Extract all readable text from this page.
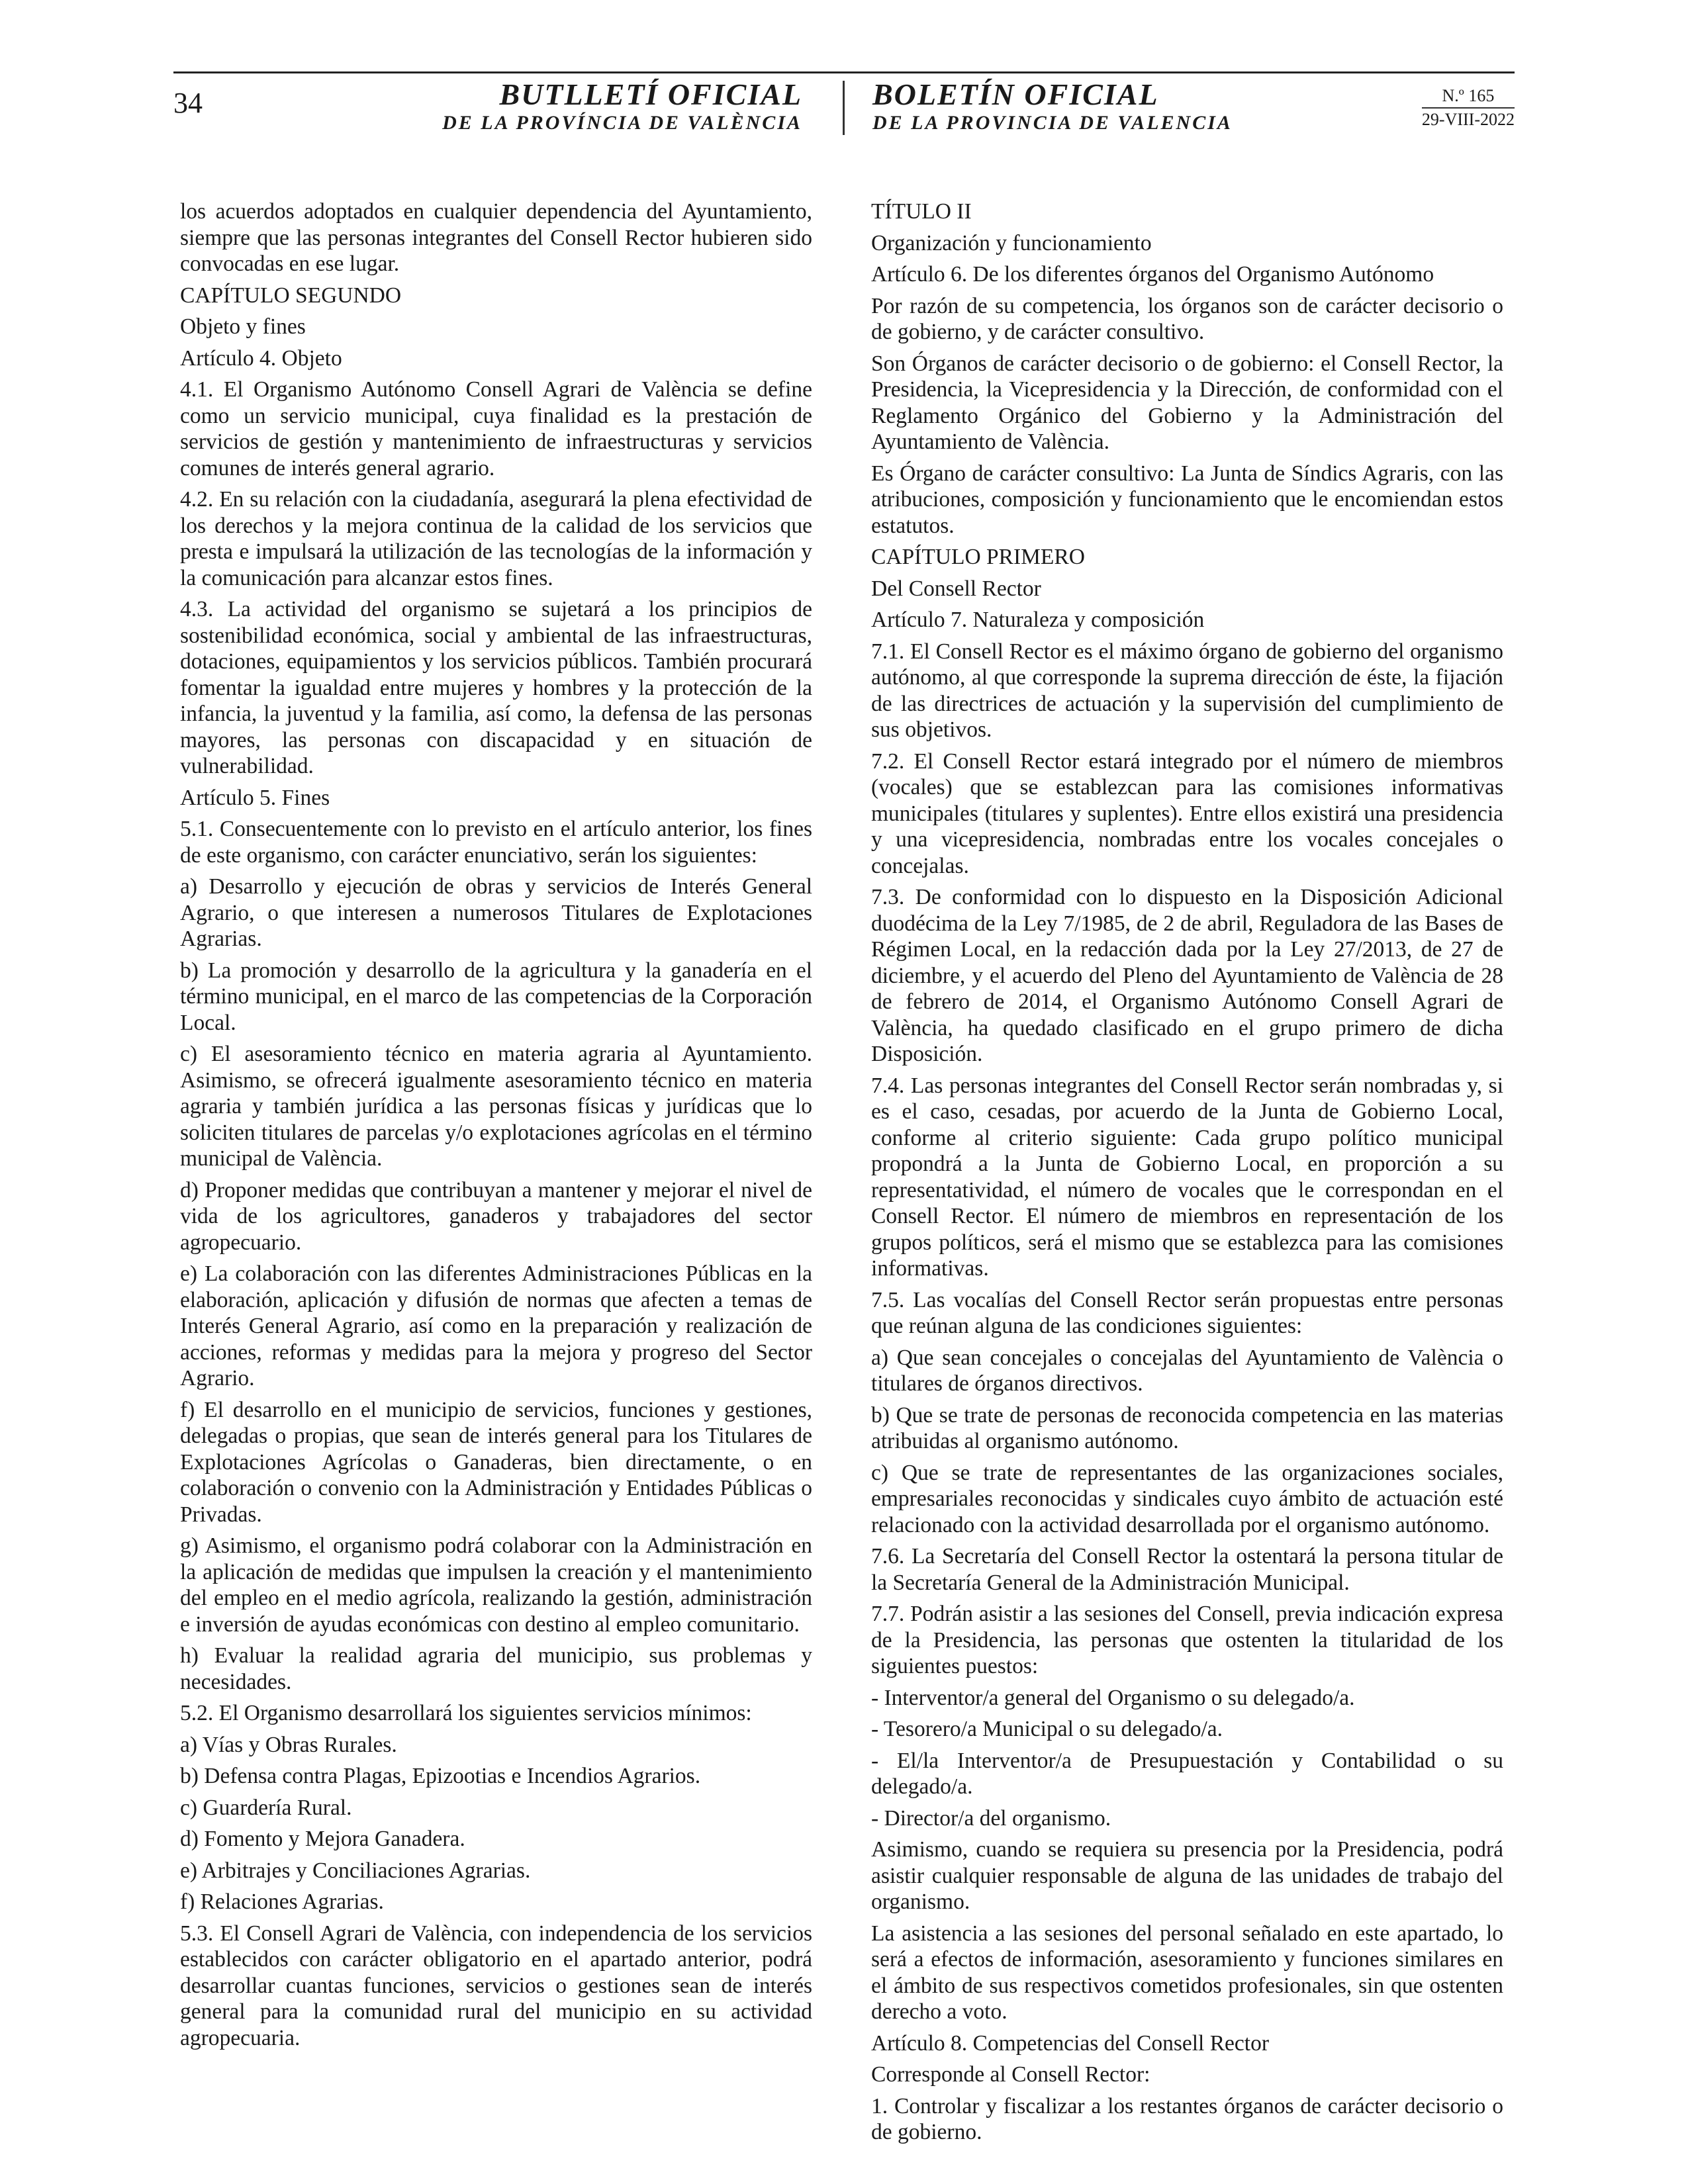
34	BUTLLETÍ OFICIAL
DE LA PROVÍNCIA DE VALÈNCIA
BOLETÍN OFICIAL
DE LA PROVINCIA DE VALENCIA
N.º 165
29-VIII-2022

los acuerdos adoptados en cualquier dependencia del Ayuntamiento, siempre que las personas integrantes del Consell Rector hubieren sido convocadas en ese lugar.

CAPÍTULO SEGUNDO

Objeto y fines

Artículo 4. Objeto

4.1. El Organismo Autónomo Consell Agrari de València se define como un servicio municipal, cuya finalidad es la prestación de servicios de gestión y mantenimiento de infraestructuras y servicios comunes de interés general agrario.

4.2. En su relación con la ciudadanía, asegurará la plena efectividad de los derechos y la mejora continua de la calidad de los servicios que presta e impulsará la utilización de las tecnologías de la información y la comunicación para alcanzar estos fines.

4.3. La actividad del organismo se sujetará a los principios de sostenibilidad económica, social y ambiental de las infraestructuras, dotaciones, equipamientos y los servicios públicos. También procurará fomentar la igualdad entre mujeres y hombres y la protección de la infancia, la juventud y la familia, así como, la defensa de las personas mayores, las personas con discapacidad y en situación de vulnerabilidad.

Artículo 5. Fines

5.1. Consecuentemente con lo previsto en el artículo anterior, los fines de este organismo, con carácter enunciativo, serán los siguientes:

a) Desarrollo y ejecución de obras y servicios de Interés General Agrario, o que interesen a numerosos Titulares de Explotaciones Agrarias.

b) La promoción y desarrollo de la agricultura y la ganadería en el término municipal, en el marco de las competencias de la Corporación Local.

c) El asesoramiento técnico en materia agraria al Ayuntamiento. Asimismo, se ofrecerá igualmente asesoramiento técnico en materia agraria y también jurídica a las personas físicas y jurídicas que lo soliciten titulares de parcelas y/o explotaciones agrícolas en el término municipal de València.

d) Proponer medidas que contribuyan a mantener y mejorar el nivel de vida de los agricultores, ganaderos y trabajadores del sector agropecuario.

e) La colaboración con las diferentes Administraciones Públicas en la elaboración, aplicación y difusión de normas que afecten a temas de Interés General Agrario, así como en la preparación y realización de acciones, reformas y medidas para la mejora y progreso del Sector Agrario.

f) El desarrollo en el municipio de servicios, funciones y gestiones, delegadas o propias, que sean de interés general para los Titulares de Explotaciones Agrícolas o Ganaderas, bien directamente, o en colaboración o convenio con la Administración y Entidades Públicas o Privadas.

g) Asimismo, el organismo podrá colaborar con la Administración en la aplicación de medidas que impulsen la creación y el mantenimiento del empleo en el medio agrícola, realizando la gestión, administración e inversión de ayudas económicas con destino al empleo comunitario.

h) Evaluar la realidad agraria del municipio, sus problemas y necesidades.

5.2. El Organismo desarrollará los siguientes servicios mínimos:

a) Vías y Obras Rurales.

b) Defensa contra Plagas, Epizootias e Incendios Agrarios.

c) Guardería Rural.

d) Fomento y Mejora Ganadera.

e) Arbitrajes y Conciliaciones Agrarias.

f) Relaciones Agrarias.

5.3. El Consell Agrari de València, con independencia de los servicios establecidos con carácter obligatorio en el apartado anterior, podrá desarrollar cuantas funciones, servicios o gestiones sean de interés general para la comunidad rural del municipio en su actividad agropecuaria.

TÍTULO II

Organización y funcionamiento

Artículo 6. De los diferentes órganos del Organismo Autónomo

Por razón de su competencia, los órganos son de carácter decisorio o de gobierno, y de carácter consultivo.

Son Órganos de carácter decisorio o de gobierno: el Consell Rector, la Presidencia, la Vicepresidencia y la Dirección, de conformidad con el Reglamento Orgánico del Gobierno y la Administración del Ayuntamiento de València.

Es Órgano de carácter consultivo: La Junta de Síndics Agraris, con las atribuciones, composición y funcionamiento que le encomiendan estos estatutos.

CAPÍTULO PRIMERO

Del Consell Rector

Artículo 7. Naturaleza y composición

7.1. El Consell Rector es el máximo órgano de gobierno del organismo autónomo, al que corresponde la suprema dirección de éste, la fijación de las directrices de actuación y la supervisión del cumplimiento de sus objetivos.

7.2. El Consell Rector estará integrado por el número de miembros (vocales) que se establezcan para las comisiones informativas municipales (titulares y suplentes). Entre ellos existirá una presidencia y una vicepresidencia, nombradas entre los vocales concejales o concejalas.

7.3. De conformidad con lo dispuesto en la Disposición Adicional duodécima de la Ley 7/1985, de 2 de abril, Reguladora de las Bases de Régimen Local, en la redacción dada por la Ley 27/2013, de 27 de diciembre, y el acuerdo del Pleno del Ayuntamiento de València de 28 de febrero de 2014, el Organismo Autónomo Consell Agrari de València, ha quedado clasificado en el grupo primero de dicha Disposición.

7.4. Las personas integrantes del Consell Rector serán nombradas y, si es el caso, cesadas, por acuerdo de la Junta de Gobierno Local, conforme al criterio siguiente: Cada grupo político municipal propondrá a la Junta de Gobierno Local, en proporción a su representatividad, el número de vocales que le correspondan en el Consell Rector. El número de miembros en representación de los grupos políticos, será el mismo que se establezca para las comisiones informativas.

7.5. Las vocalías del Consell Rector serán propuestas entre personas que reúnan alguna de las condiciones siguientes:

a) Que sean concejales o concejalas del Ayuntamiento de València o titulares de órganos directivos.

b) Que se trate de personas de reconocida competencia en las materias atribuidas al organismo autónomo.

c) Que se trate de representantes de las organizaciones sociales, empresariales reconocidas y sindicales cuyo ámbito de actuación esté relacionado con la actividad desarrollada por el organismo autónomo.

7.6. La Secretaría del Consell Rector la ostentará la persona titular de la Secretaría General de la Administración Municipal.

7.7. Podrán asistir a las sesiones del Consell, previa indicación expresa de la Presidencia, las personas que ostenten la titularidad de los siguientes puestos:

- Interventor/a general del Organismo o su delegado/a.

- Tesorero/a Municipal o su delegado/a.

- El/la Interventor/a de Presupuestación y Contabilidad o su delegado/a.

- Director/a del organismo.

Asimismo, cuando se requiera su presencia por la Presidencia, podrá asistir cualquier responsable de alguna de las unidades de trabajo del organismo.

La asistencia a las sesiones del personal señalado en este apartado, lo será a efectos de información, asesoramiento y funciones similares en el ámbito de sus respectivos cometidos profesionales, sin que ostenten derecho a voto.

Artículo 8. Competencias del Consell Rector

Corresponde al Consell Rector:

1. Controlar y fiscalizar a los restantes órganos de carácter decisorio o de gobierno.
